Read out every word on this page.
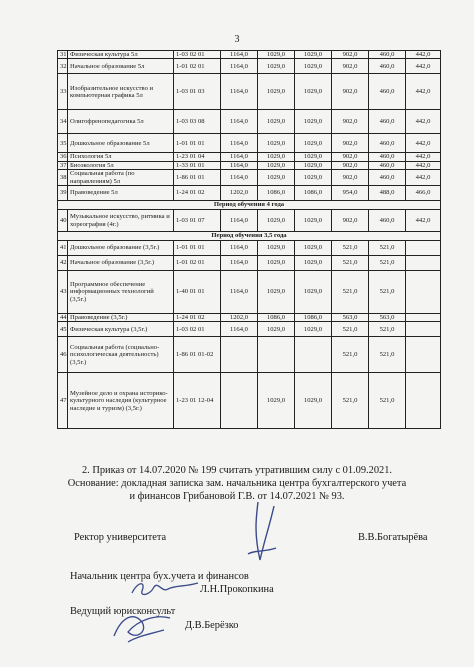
3
31	Физическая культура 5л	1-03 02 01	1164,0	1029,0	1029,0	902,0	460,0	442,0
32	Начальное образование 5л	1-01 02 01	1164,0	1029,0	1029,0	902,0	460,0	442,0
33	Изобразительное искусство и компьютерная графика 5л	1-03 01 03	1164,0	1029,0	1029,0	902,0	460,0	442,0
34	Олигофренопедагогика 5л	1-03 03 08	1164,0	1029,0	1029,0	902,0	460,0	442,0
35	Дошкольное образование 5л	1-01 01 01	1164,0	1029,0	1029,0	902,0	460,0	442,0
36	Психология 5л	1-23 01 04	1164,0	1029,0	1029,0	902,0	460,0	442,0
37	Биоэкология 5л	1-33 01 01	1164,0	1029,0	1029,0	902,0	460,0	442,0
38	Социальная работа (по направлениям) 5л	1-86 01 01	1164,0	1029,0	1029,0	902,0	460,0	442,0
39	Правоведение 5л	1-24 01 02	1202,0	1086,0	1086,0	954,0	488,0	466,0
Период обучения 4 года								
40	Музыкальное искусство, ритмика и хореография (4г.)	1-03 01 07	1164,0	1029,0	1029,0	902,0	460,0	442,0
Период обучения 3,5 года								
41	Дошкольное образование (3,5г.)	1-01 01 01	1164,0	1029,0	1029,0	521,0	521,0	
42	Начальное образование (3,5г.)	1-01 02 01	1164,0	1029,0	1029,0	521,0	521,0	
43	Программное обеспечение информационных технологий (3,5г.)	1-40 01 01	1164,0	1029,0	1029,0	521,0	521,0	
44	Правоведение (3,5г.)	1-24 01 02	1202,0	1086,0	1086,0	563,0	563,0	
45	Физическая культура (3,5г.)	1-03 02 01	1164,0	1029,0	1029,0	521,0	521,0	
46	Социальная работа (социально-психологическая деятельность) (3,5г.)	1-86 01 01-02				521,0	521,0	
47	Музейное дело и охрана историко-культурного наследия (культурное наследие и туризм) (3,5г.)	1-23 01 12-04		1029,0	1029,0	521,0	521,0	
2. Приказ от 14.07.2020 № 199 считать утратившим силу с 01.09.2021.
Основание: докладная записка зам. начальника центра бухгалтерского учета
и финансов Грибановой Г.В. от 14.07.2021 № 93.
Ректор университета	В.В.Богатырёва
Начальник центра бух.учета и финансов
Л.Н.Прокопкина
Ведущий юрисконсульт
Д.В.Берёзко
